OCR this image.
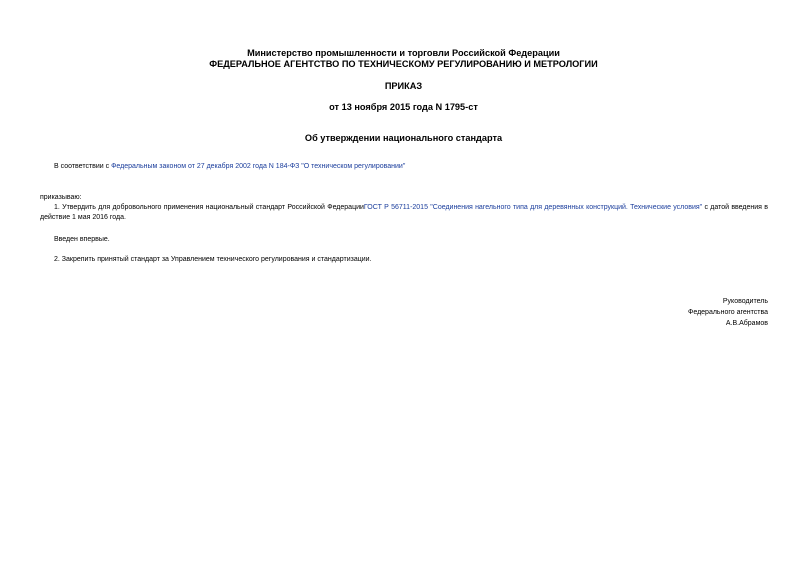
Министерство промышленности и торговли Российской Федерации
ФЕДЕРАЛЬНОЕ АГЕНТСТВО ПО ТЕХНИЧЕСКОМУ РЕГУЛИРОВАНИЮ И МЕТРОЛОГИИ
ПРИКАЗ
от 13 ноября 2015 года N 1795-ст
Об утверждении национального стандарта
В соответствии с Федеральным законом от 27 декабря 2002 года N 184-ФЗ "О техническом регулировании"
приказываю:
1. Утвердить для добровольного применения национальный стандарт Российской ФедерацииГОСТ Р 56711-2015 "Соединения нагельного типа для деревянных конструкций. Технические условия" с датой введения в действие 1 мая 2016 года.
Введен впервые.
2. Закрепить принятый стандарт за Управлением технического регулирования и стандартизации.
Руководитель
Федерального агентства
А.В.Абрамов
